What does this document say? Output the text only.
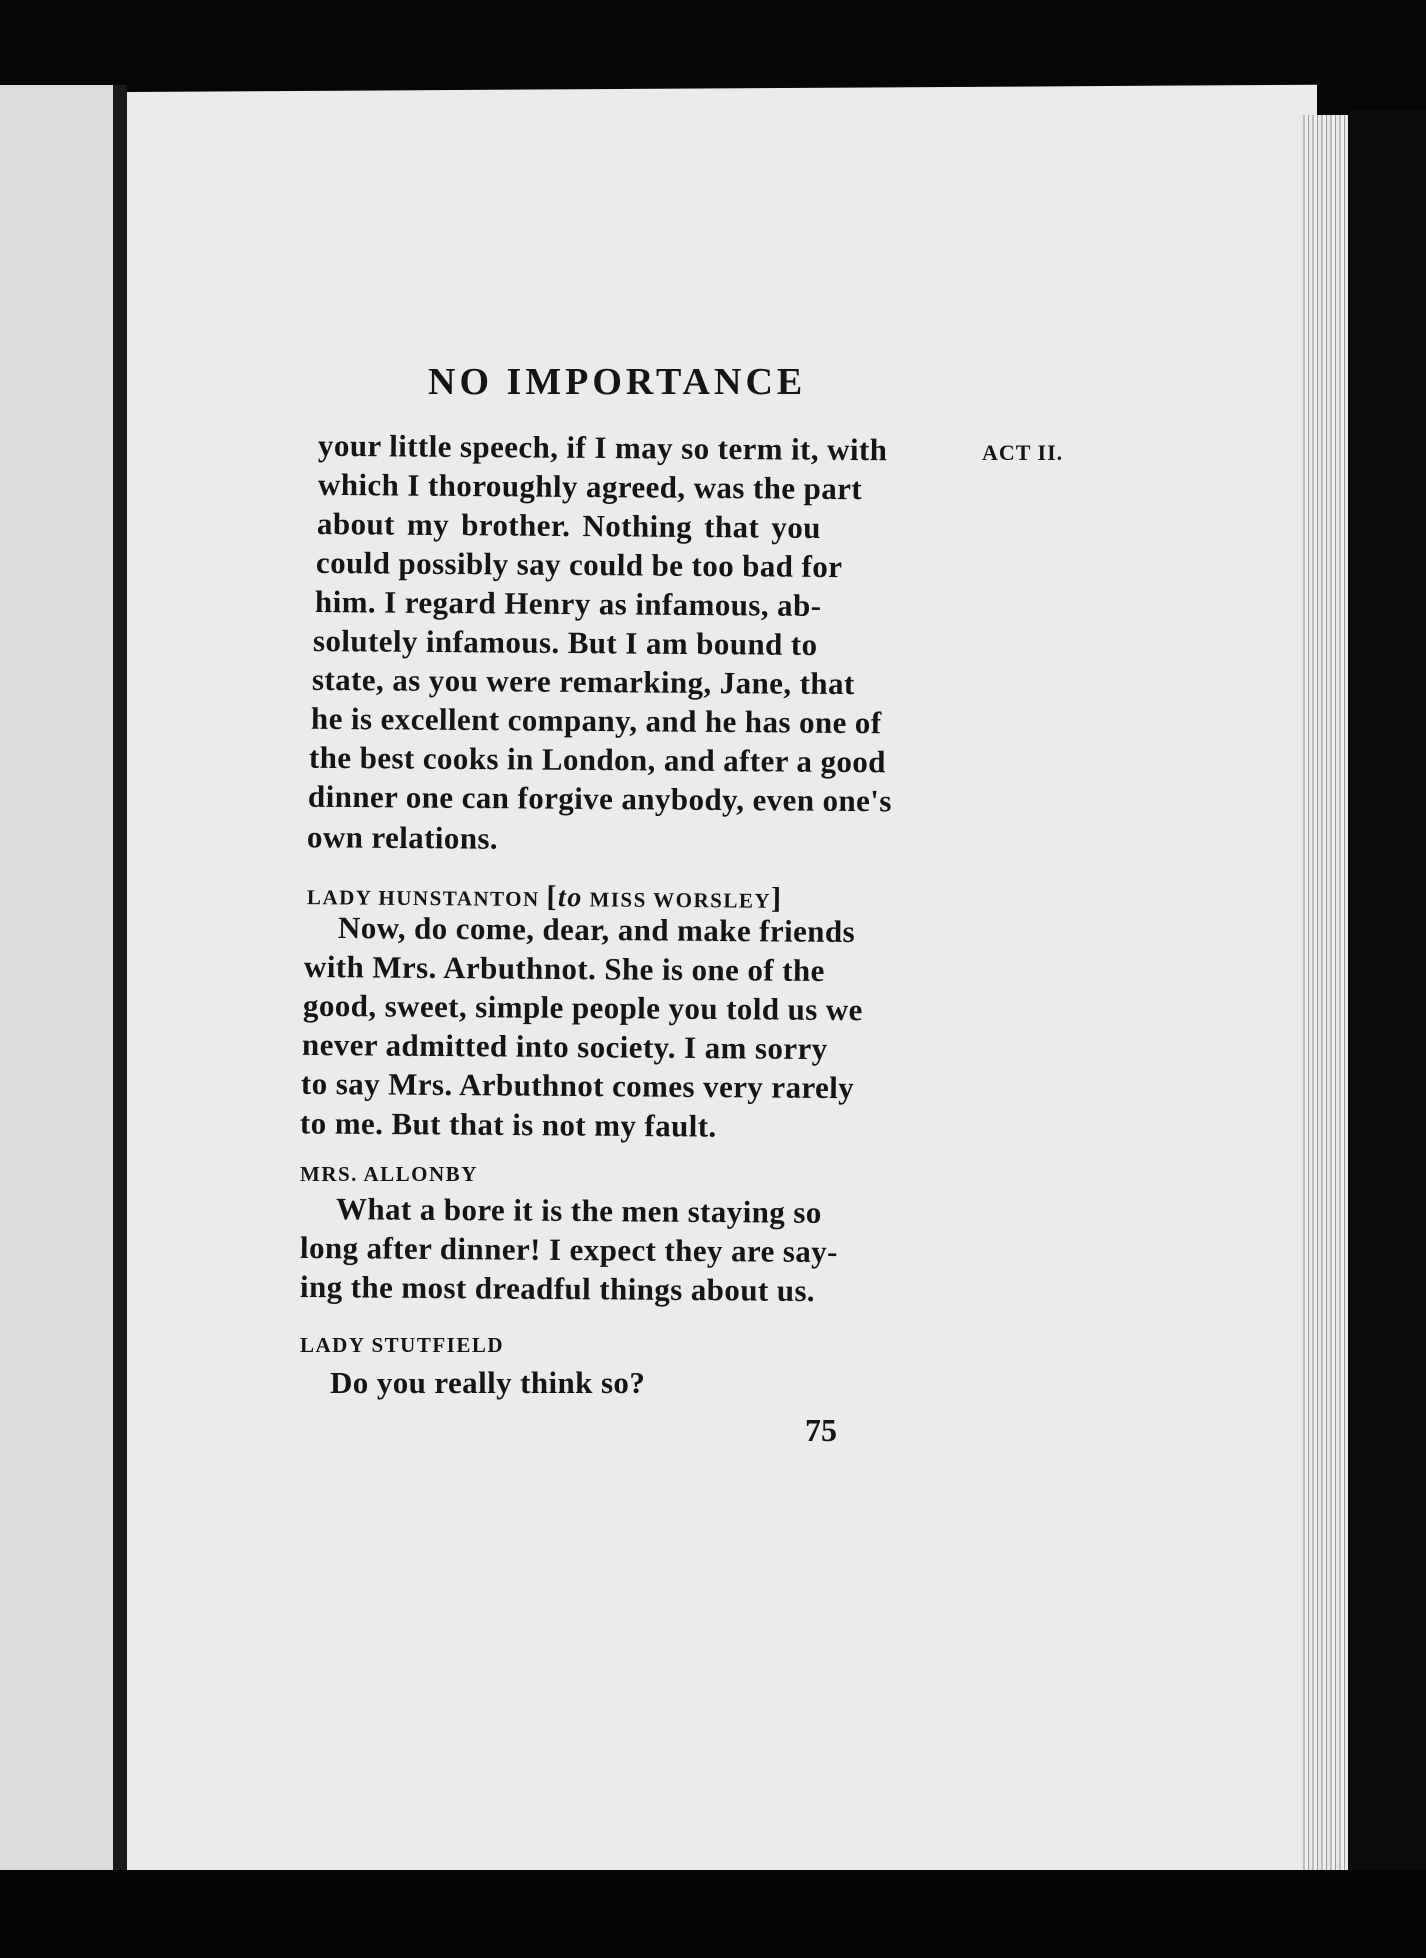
NO IMPORTANCE
ACT II.
your little speech, if I may so term it, with
which I thoroughly agreed, was the part
about my brother. Nothing that you
could possibly say could be too bad for
him. I regard Henry as infamous, ab-
solutely infamous. But I am bound to
state, as you were remarking, Jane, that
he is excellent company, and he has one of
the best cooks in London, and after a good
dinner one can forgive anybody, even one's
own relations.
LADY HUNSTANTON [to MISS WORSLEY]
Now, do come, dear, and make friends
with Mrs. Arbuthnot. She is one of the
good, sweet, simple people you told us we
never admitted into society. I am sorry
to say Mrs. Arbuthnot comes very rarely
to me. But that is not my fault.
MRS. ALLONBY
What a bore it is the men staying so
long after dinner! I expect they are say-
ing the most dreadful things about us.
LADY STUTFIELD
Do you really think so?
75
